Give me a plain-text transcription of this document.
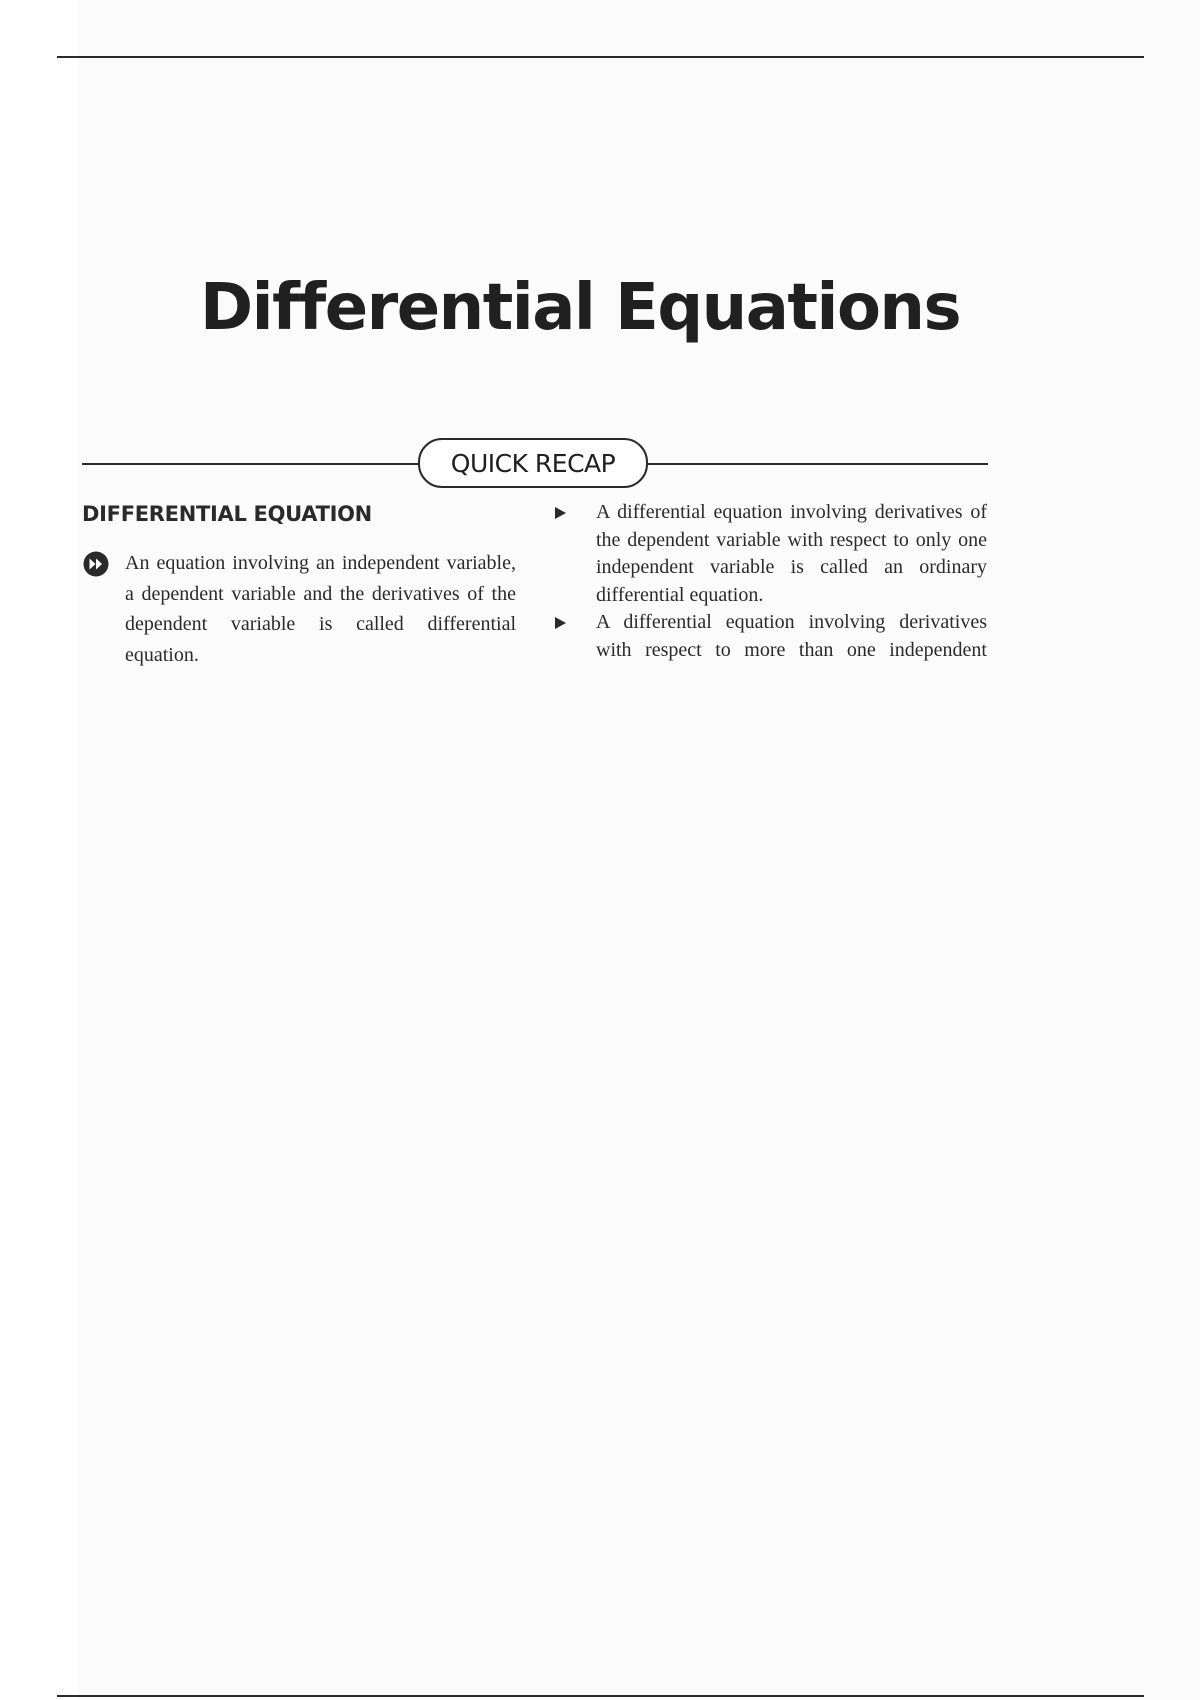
Differential Equations
QUICK RECAP
DIFFERENTIAL EQUATION

An equation involving an independent variable, a dependent variable and the derivatives of the dependent variable is called differential equation.

A differential equation involving derivatives of the dependent variable with respect to only one independent variable is called an ordinary differential equation.

A differential equation involving derivatives with respect to more than one independent
